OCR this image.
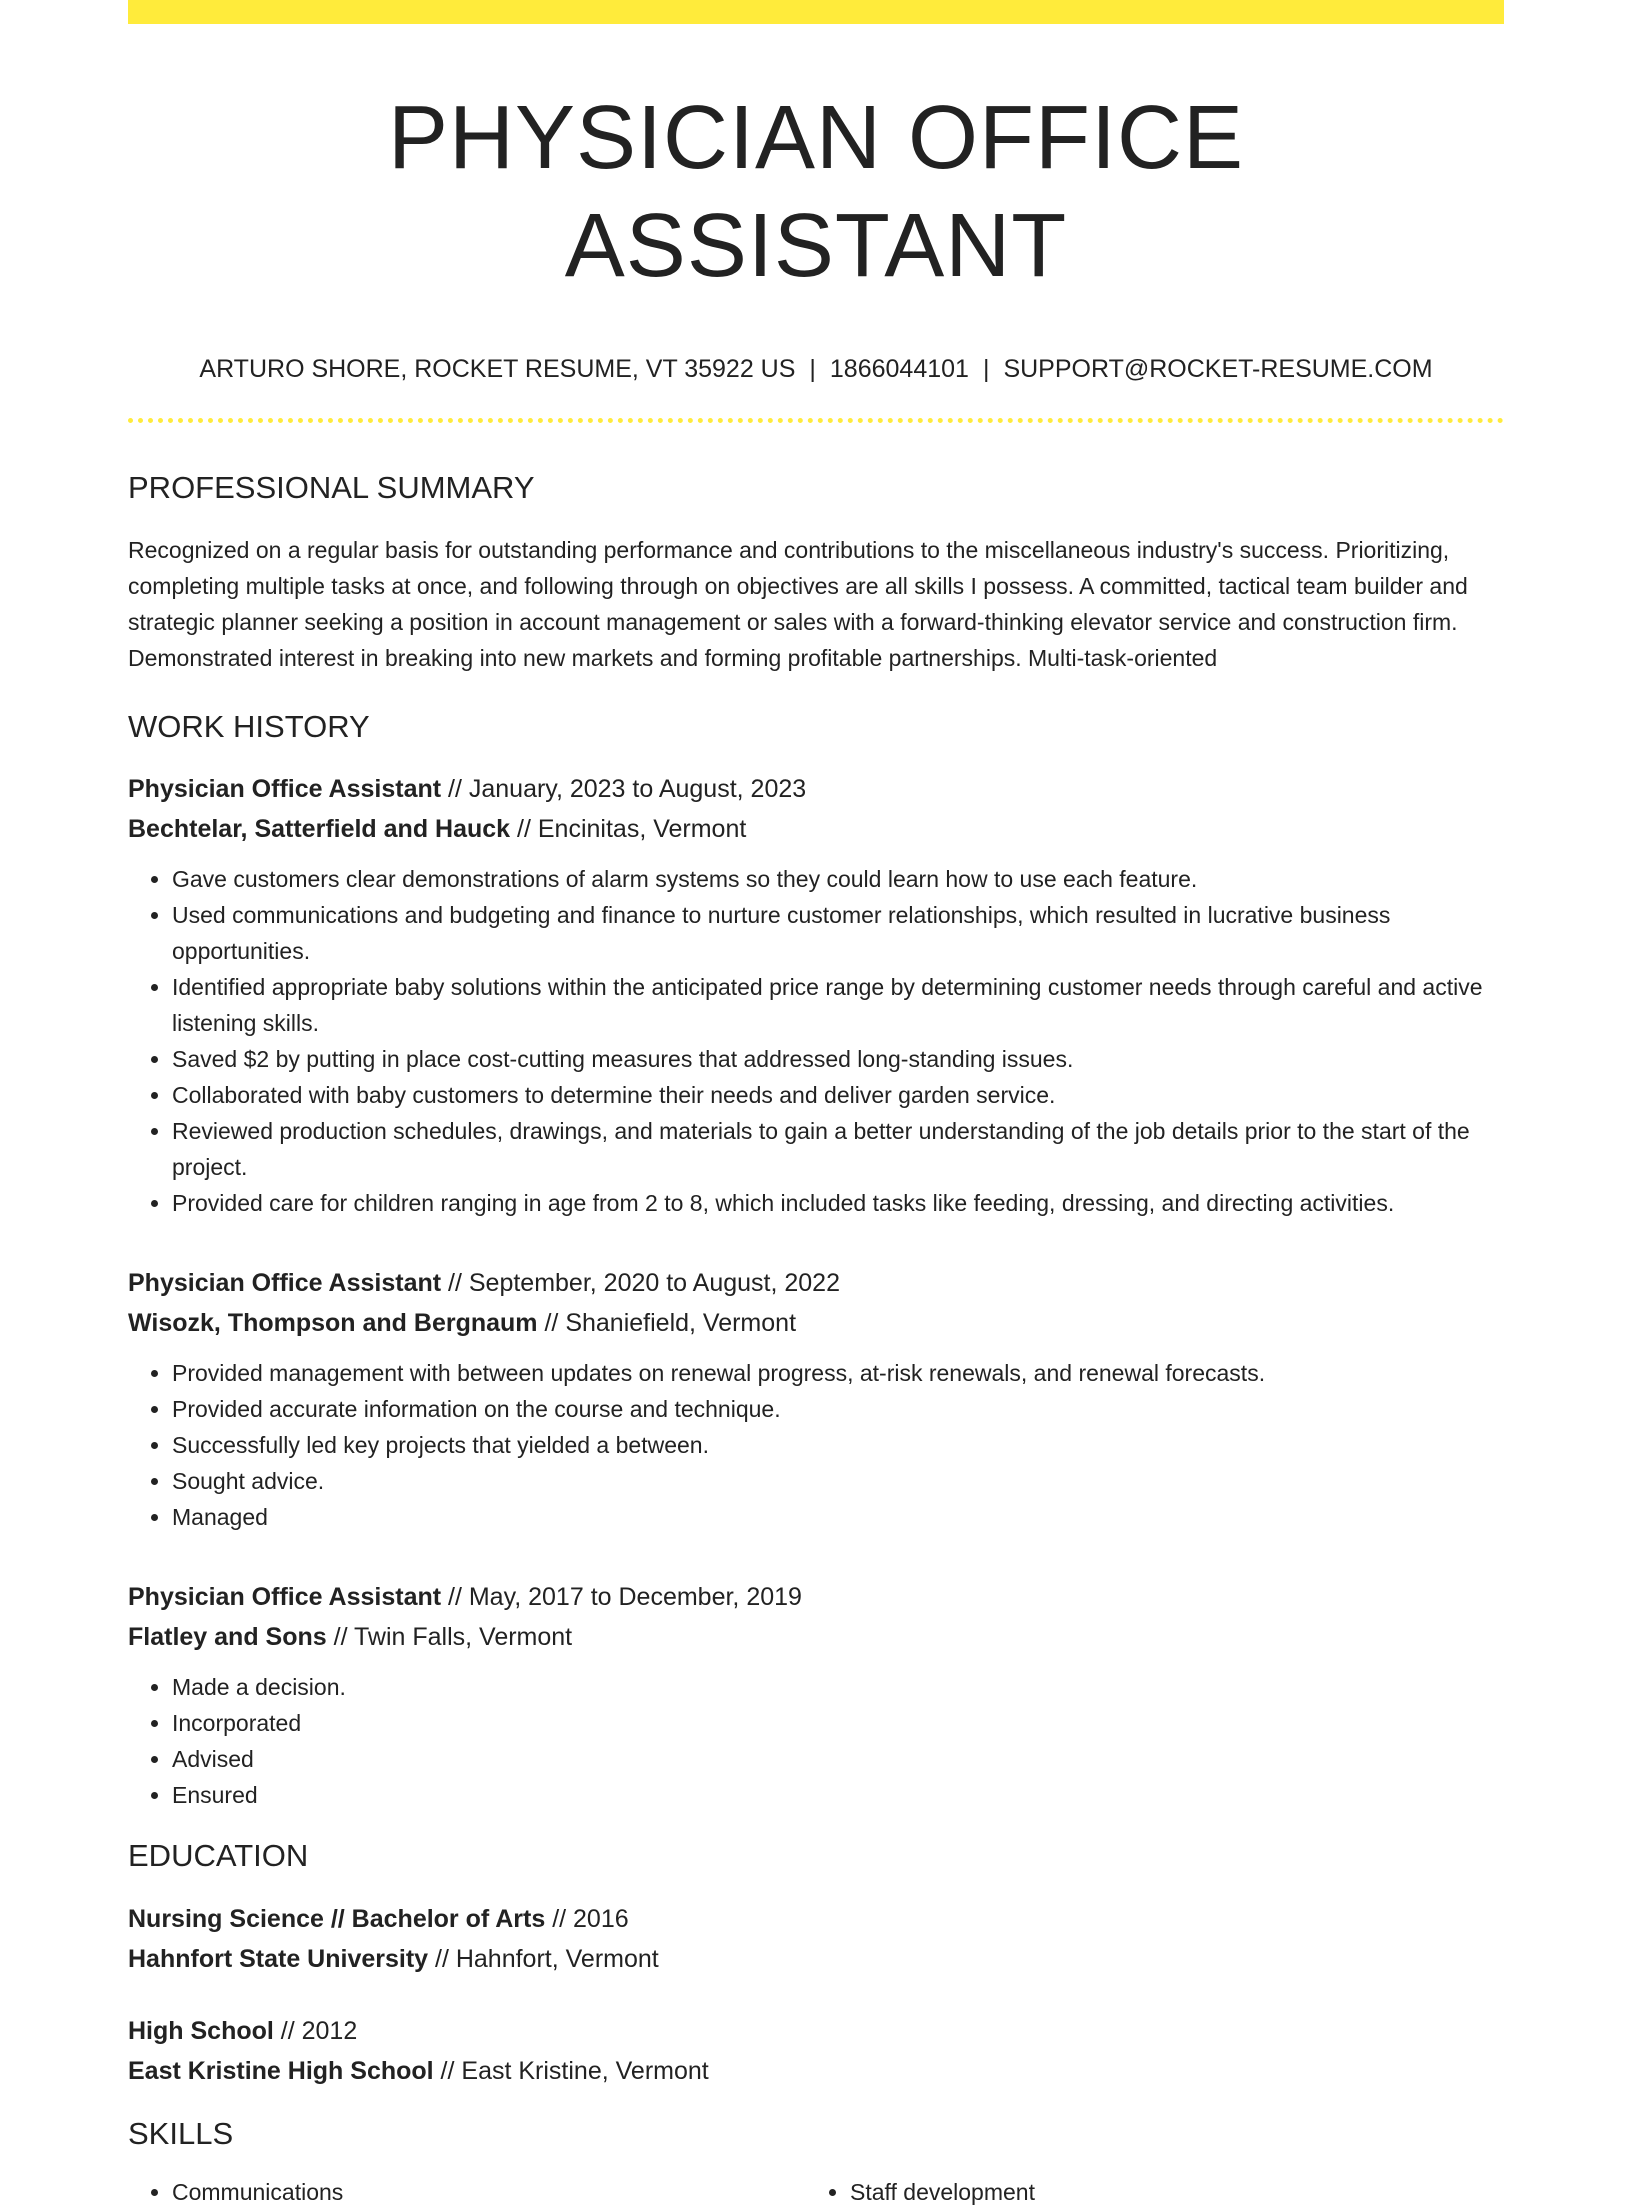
PHYSICIAN OFFICE ASSISTANT
ARTURO SHORE, ROCKET RESUME, VT 35922 US | 1866044101 | SUPPORT@ROCKET-RESUME.COM
PROFESSIONAL SUMMARY

Recognized on a regular basis for outstanding performance and contributions to the miscellaneous industry's success. Prioritizing, completing multiple tasks at once, and following through on objectives are all skills I possess. A committed, tactical team builder and strategic planner seeking a position in account management or sales with a forward-thinking elevator service and construction firm. Demonstrated interest in breaking into new markets and forming profitable partnerships. Multi-task-oriented

WORK HISTORY
Physician Office Assistant // January, 2023 to August, 2023
Bechtelar, Satterfield and Hauck // Encinitas, Vermont
• Gave customers clear demonstrations of alarm systems so they could learn how to use each feature.
• Used communications and budgeting and finance to nurture customer relationships, which resulted in lucrative business opportunities.
• Identified appropriate baby solutions within the anticipated price range by determining customer needs through careful and active listening skills.
• Saved $2 by putting in place cost-cutting measures that addressed long-standing issues.
• Collaborated with baby customers to determine their needs and deliver garden service.
• Reviewed production schedules, drawings, and materials to gain a better understanding of the job details prior to the start of the project.
• Provided care for children ranging in age from 2 to 8, which included tasks like feeding, dressing, and directing activities.
Physician Office Assistant // September, 2020 to August, 2022
Wisozk, Thompson and Bergnaum // Shaniefield, Vermont
• Provided management with between updates on renewal progress, at-risk renewals, and renewal forecasts.
• Provided accurate information on the course and technique.
• Successfully led key projects that yielded a between.
• Sought advice.
• Managed
Physician Office Assistant // May, 2017 to December, 2019
Flatley and Sons // Twin Falls, Vermont
• Made a decision.
• Incorporated
• Advised
• Ensured
EDUCATION
Nursing Science // Bachelor of Arts // 2016
Hahnfort State University // Hahnfort, Vermont
High School // 2012
East Kristine High School // East Kristine, Vermont
SKILLS
• Communications
•	Staff development
